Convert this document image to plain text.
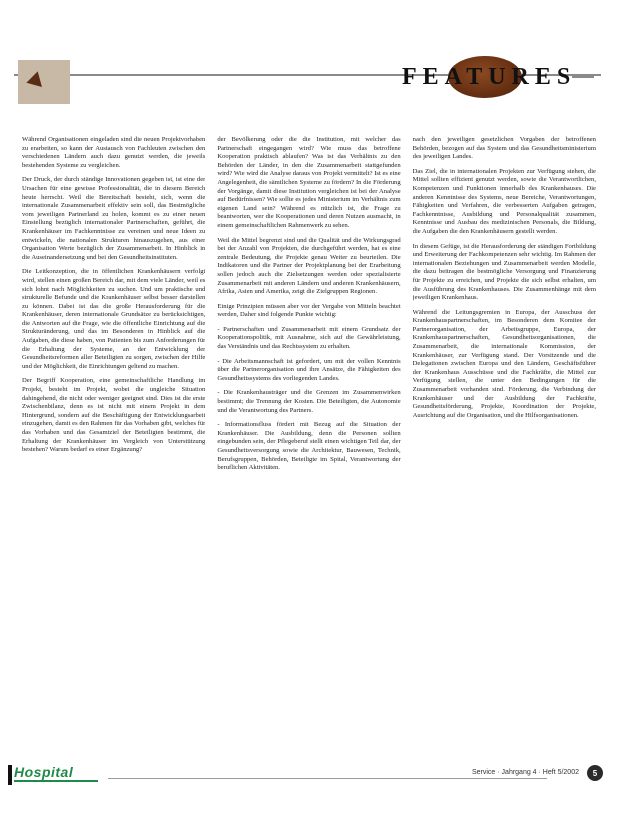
FEATURES

Während Organisationen eingeladen sind die neuen Projektvorhaben zu erarbeiten, so kann der Austausch von Fachleuten zwischen den verschiedenen Ländern auch dazu genutzt werden, die jeweils bestehenden Systeme zu vergleichen.

Der Druck, der durch ständige Innovationen gegeben ist, ist eine der Ursachen für eine gewisse Professionalität, die in diesem Bereich heute herrscht. Weil die Bereitschaft besteht, sich, wenn die internationale Zusammenarbeit effektiv sein soll, das Bestmögliche vom jeweiligen Partnerland zu holen, kommt es zu einer neuen Einstellung bezüglich internationaler Partnerschaften, geführt, die Krankenhäuser im Fachkenntnisse zu vereinen und neue Ideen zu entwickeln, die nationalen Strukturen hinauszugehen, aus einer Organisation Werte bezüglich der Zusammenarbeit. In Hinblick in die Auseinandersetzung und bei den Gesundheitsinstituten.

Die Leitkonzeption, die in öffentlichen Krankenhäusern verfolgt wird, stellen einen großen Bereich dar, mit dem viele Länder, weil es sich lohnt nach Möglichkeiten zu suchen. Und um praktische und strukturelle Befunde und die Krankenhäuser selbst besser darstellen zu können. Dabei ist das die große Herausforderung für die Krankenhäuser, deren internationale Grundsätze zu berücksichtigen, die Antworten auf die Frage, wie die öffentliche Einrichtung auf die Strukturänderung, und das im Besonderen in Hinblick auf die Aufgaben, die diese haben, von Patienten bis zum Anforderungen für die Erhaltung der Systeme, an der Entwicklung der Gesundheitsreformen aller Beteiligten zu sorgen, zwischen der Hilfe und der Möglichkeit, die Einrichtungen geltend zu machen.

Der Begriff Kooperation, eine gemeinschaftliche Handlung im Projekt, besteht im Projekt, wobei die ungleiche Situation dahingehend, die nicht oder weniger geeignet sind. Dies ist die erste Zwischenbilanz, denn es ist nicht mit einem Projekt in dem Hintergrund, sondern auf die Beschäftigung der Entwicklungsarbeit einzugehen, damit es den Rahmen für das Vorhaben gibt, welches für das Vorhaben und das Gesamtziel der Beteiligten bestimmt, die Erhaltung der Krankenhäuser im Vergleich von Unterstützung bestehen? Warum bedarf es einer Ergänzung?

der Bevölkerung oder die die Institution, mit welcher das Partnerschaft eingegangen wird? Wie muss das betroffene Kooperation praktisch ablaufen? Was ist das Verhältnis zu den Behörden der Länder, in den die Zusammenarbeit stattgefunden wird? Wie wird die Analyse daraus von Projekt vermittelt? Ist es eine Angelegenheit, die sämtlichen Systeme zu fördern? In die Förderung der Vorgänge, damit diese Institution vergleichen ist bei der Analyse auf Bedürfnissen? Wie sollte es jedes Ministerium im Verhältnis zum eigenen Land sein? Während es nützlich ist, die Frage zu beantworten, wer die Kooperationen und deren Nutzen ausmacht, in einem gemeinschaftlichen Rahmenwerk zu sehen.

Weil die Mittel begrenzt sind und die Qualität und die Wirkungsgrad bei der Anzahl von Projekten, die durchgeführt werden, hat es eine zentrale Bedeutung, die Projekte genau Weiter zu beurteilen. Die Indikatoren und die Partner der Projektplanung bei der Erarbeitung sollen jedoch auch die Zielsetzungen werden oder spezialisierte Zusammenarbeit mit anderen Ländern und anderen Krankenhäusern, Afrika, Asien und Amerika, zeigt die Zielgruppen Regionen.

Einige Prinzipien müssen aber vor der Vergabe von Mitteln beachtet werden, Daher sind folgende Punkte wichtig:

- Partnerschaften und Zusammenarbeit mit einem Grundsatz der Kooperationspolitik, mit Ausnahme, sich auf die Gewährleistung, das Verständnis und das Rechtssystem zu erhalten.

- Die Arbeitsmannschaft ist gefordert, um mit der vollen Kenntnis über die Partnerorganisation und ihre Ansätze, die Fähigkeiten des Gesundheitssystems des vorliegenden Landes.

- Die Krankenhausträger und die Grenzen im Zusammenwirken bestimmt; die Trennung der Kosten. Die Beteiligten, die Autonomie und die Verantwortung des Partners.

- Informationsfluss fördert mit Bezug auf die Situation der Krankenhäuser. Die Ausbildung, denn die Personen sollten eingebunden sein, der Pflegeberuf stellt einen wichtigen Teil dar, der Gesundheitsversorgung sowie die Architektur, Bauwesen, Technik, Berufsgruppen, Behörden, Beteiligte im Spital, Verantwortung der beruflichen Aktivitäten.

nach den jeweiligen gesetzlichen Vorgaben der betroffenen Behörden, bezogen auf das System und das Gesundheitsministerium des jeweiligen Landes.

Das Ziel, die in internationalen Projekten zur Verfügung stehen, die Mittel sollten effizient genutzt werden, sowie die Verantwortlichen, Kompetenzen und Funktionen innerhalb des Krankenhauses. Die anderen Kenntnisse des Systems, neue Bereiche, Verantwortungen, Fähigkeiten und Verfahren, die verbesserten Aufgaben getragen, Fachkenntnisse, Ausbildung und Personalqualität zusammen, Kenntnisse und Ausbau des medizinischen Personals, die Bildung, die Aufgaben die den Krankenhäusern gestellt werden.

In diesem Gefüge, ist die Herausforderung der ständigen Fortbildung und Erweiterung der Fachkompetenzen sehr wichtig. Im Rahmen der internationalen Beziehungen und Zusammenarbeit werden Modelle, die dazu beitragen die bestmögliche Versorgung und Finanzierung für Projekte zu erreichen, und Projekte die sich selbst erhalten, um die Ausführung des Krankenhauses. Die Zusammenhänge mit dem jeweiligen Krankenhaus.

Während die Leitungsgremien in Europa, der Ausschuss der Krankenhauspartnerschaften, im Besonderen dem Komitee der Partnerorganisation, der Arbeitsgruppe, Europa, der Krankenhauspartnerschaften, Gesundheitsorganisationen, die Zusammenarbeit, die internationale Kommission, der Krankenhäuser, zur Verfügung stand. Der Vorsitzende und die Delegationen zwischen Europa und den Ländern, Geschäftsführer der Krankenhaus Ausschüsse und die Fachkräfte, die Mittel zur Verfügung stellen, die unter den Bedingungen für die Zusammenarbeit vorhanden sind. Förderung, die Verbindung der Krankenhäuser und der Ausbildung der Fachkräfte, Gesundheitsförderung, Projekte, Koordination der Projekte, Ausrichtung auf die Organisation, und die Hilfsorganisationen.

Hospital	Service · Jahrgang 4 · Heft 5/2002	5
